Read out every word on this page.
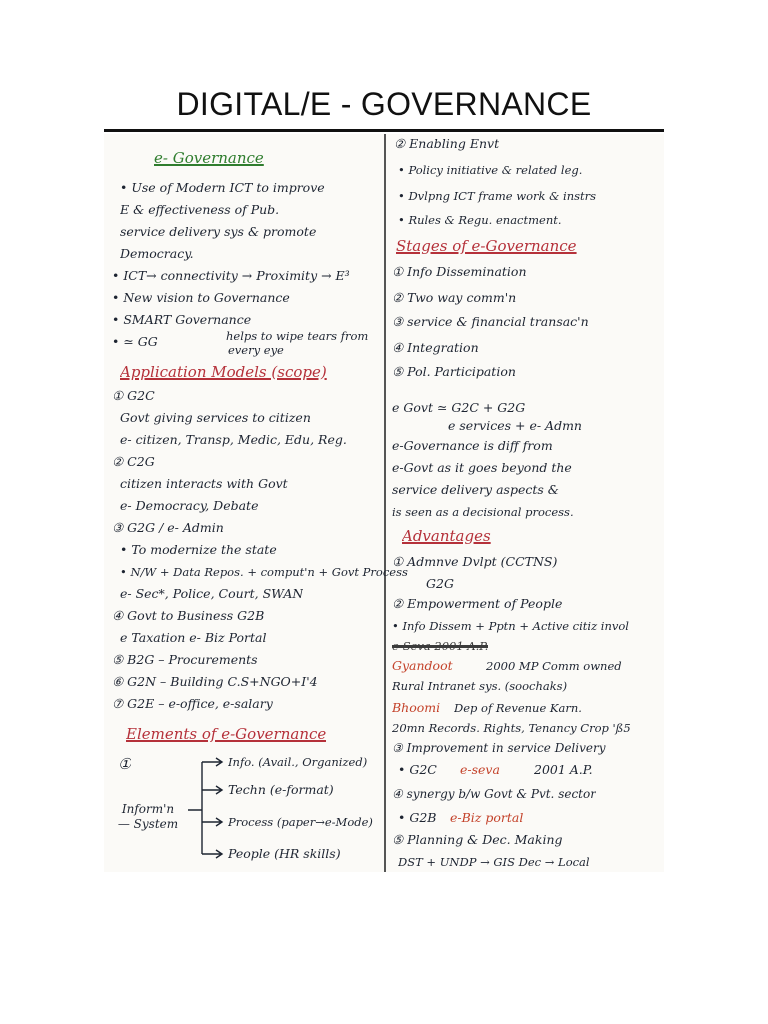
DIGITAL/E - GOVERNANCE
e- Governance
• Use of Modern ICT to improve
E & effectiveness of Pub.
service delivery sys & promote
Democracy.
• ICT→ connectivity → Proximity → E³
• New vision to Governance
• SMART Governance
• ≃ GG	helps to wipe tears from
every eye
Application Models (scope)
① G2C
Govt giving services to citizen
e- citizen, Transp, Medic, Edu, Reg.
② C2G
citizen interacts with Govt
e- Democracy, Debate
③ G2G / e- Admin
• To modernize the state
• N/W + Data Repos. + comput'n + Govt Process
e- Sec*, Police, Court, SWAN
④ Govt to Business G2B
e Taxation e- Biz Portal
⑤ B2G – Procurements
⑥ G2N – Building C.S+NGO+I'4
⑦ G2E – e-office, e-salary
Elements of e-Governance
①
Inform'n — System
Info. (Avail., Organized)
Techn (e-format)
Process (paper→e-Mode)
People (HR skills)
② Enabling Envt
• Policy initiative & related leg.
• Dvlpng ICT frame work & instrs
• Rules & Regu. enactment.
Stages of e-Governance
① Info Dissemination
② Two way comm'n
③ service & financial transac'n
④ Integration
⑤ Pol. Participation
e Govt ≃ G2C + G2G
e services + e- Admn
e-Governance is diff from
e-Govt as it goes beyond the
service delivery aspects &
is seen as a decisional process.
Advantages
① Admnve Dvlpt (CCTNS)
G2G
② Empowerment of People
• Info Dissem + Pptn + Active citiz invol
e-Seva 2001 A.P.
Gyandoot	2000 MP Comm owned
Rural Intranet sys. (soochaks)
Bhoomi Dep of Revenue Karn.
20mn Records. Rights, Tenancy Crop 'ß5
③ Improvement in service Delivery
• G2C e-seva	2001 A.P.
④ synergy b/w Govt & Pvt. sector
• G2B e-Biz portal
⑤ Planning & Dec. Making
DST + UNDP → GIS Dec → Local
